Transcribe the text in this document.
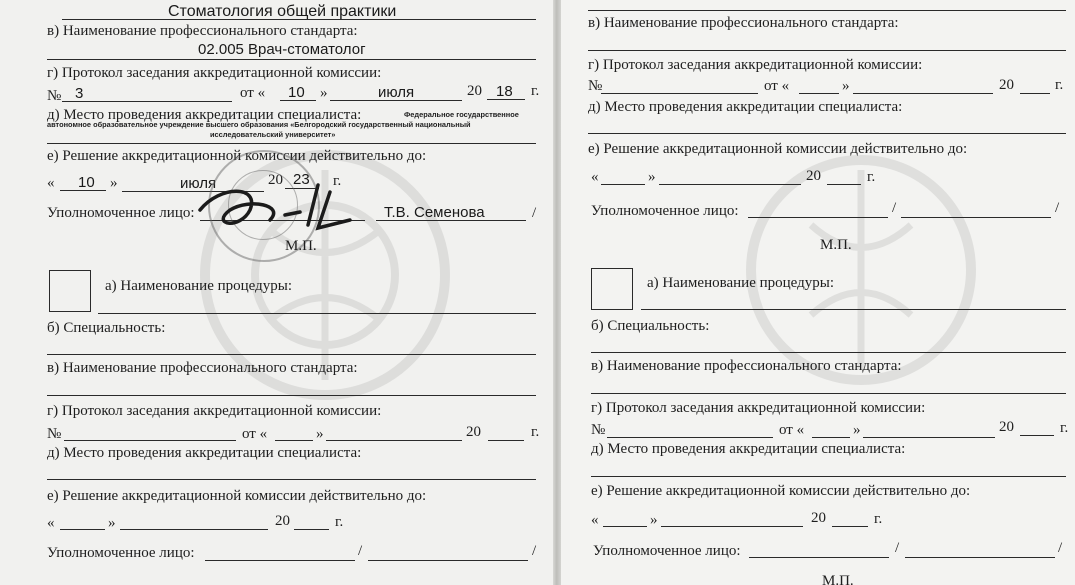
Стоматология общей практики
в) Наименование профессионального стандарта:
02.005 Врач-стоматолог
г) Протокол заседания аккредитационной комиссии:
№ 3	от « 10 »	июля	20 18 г.
д) Место проведения аккредитации специалиста:	Федеральное государственное
автономное образовательное учреждение высшего образования «Белгородский государственный национальный
исследовательский университет»
е) Решение аккредитационной комиссии действительно до:
« 10 »	июля	20 23 г.
Уполномоченное лицо:	Т.В. Семенова	/
М.П.
а) Наименование процедуры:
б) Специальность:
в) Наименование профессионального стандарта:
г) Протокол заседания аккредитационной комиссии:
№	от «	»	20	г.
д) Место проведения аккредитации специалиста:
е) Решение аккредитационной комиссии действительно до:
«	»	20	г.
Уполномоченное лицо:	/	/
в) Наименование профессионального стандарта:
г) Протокол заседания аккредитационной комиссии:
№	от «	»	20	г.
д) Место проведения аккредитации специалиста:
е) Решение аккредитационной комиссии действительно до:
«	»	20	г.
Уполномоченное лицо:	/	/
М.П.
а) Наименование процедуры:
б) Специальность:
в) Наименование профессионального стандарта:
г) Протокол заседания аккредитационной комиссии:
№	от «	»	20	г.
д) Место проведения аккредитации специалиста:
е) Решение аккредитационной комиссии действительно до:
«	»	20	г.
Уполномоченное лицо:	/	/
М.П.
